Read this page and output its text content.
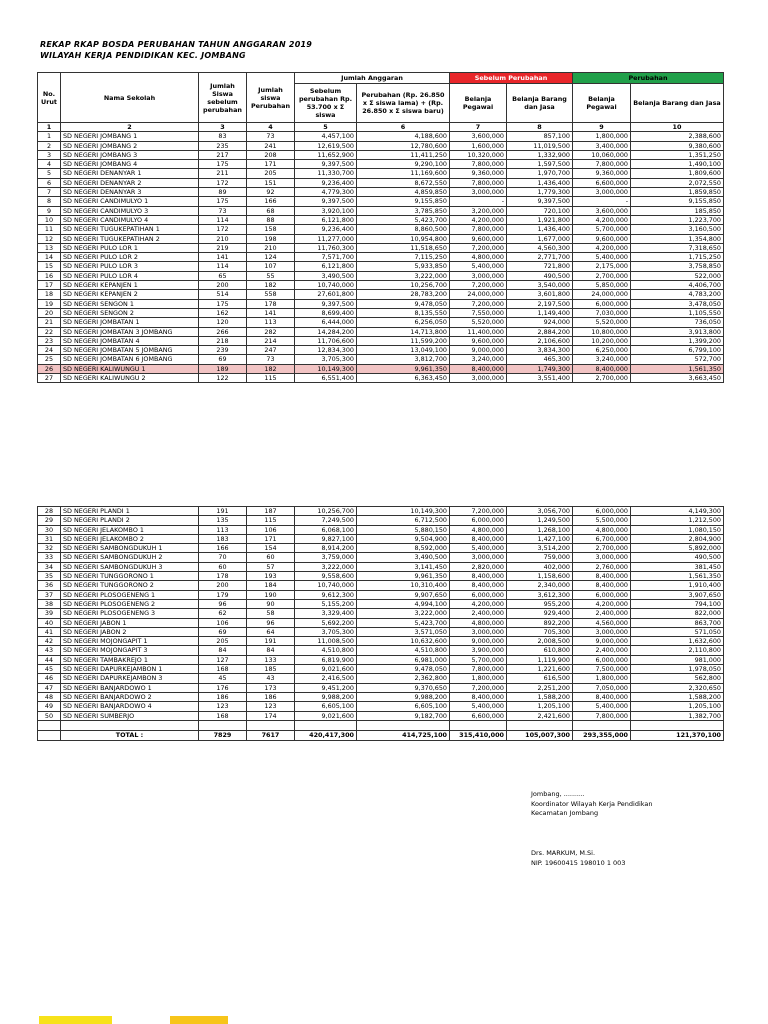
REKAP RKAP BOSDA PERUBAHAN TAHUN ANGGARAN 2019
WILAYAH KERJA PENDIDIKAN KEC. JOMBANG
No. Urut	Nama Sekolah	Jumlah Siswa sebelum perubahan	Jumlah siswa Perubahan	Jumlah Anggaran		Sebelum Perubahan		Perubahan	
				Sebelum perubahan Rp. 53.700 x Σ siswa	Perubahan (Rp. 26.850 x Σ siswa lama) + (Rp. 26.850 x Σ siswa baru)	Belanja Pegawai	Belanja Barang dan Jasa	Belanja Pegawai	Belanja Barang dan Jasa
1	2	3	4	5	6	7	8	9	10
1	SD NEGERI JOMBANG 1	83	73	4,457,100	4,188,600	3,600,000	857,100	1,800,000	2,388,600
2	SD NEGERI JOMBANG 2	235	241	12,619,500	12,780,600	1,600,000	11,019,500	3,400,000	9,380,600
3	SD NEGERI JOMBANG 3	217	208	11,652,900	11,411,250	10,320,000	1,332,900	10,060,000	1,351,250
4	SD NEGERI JOMBANG 4	175	171	9,397,500	9,290,100	7,800,000	1,597,500	7,800,000	1,490,100
5	SD NEGERI DENANYAR 1	211	205	11,330,700	11,169,600	9,360,000	1,970,700	9,360,000	1,809,600
6	SD NEGERI DENANYAR 2	172	151	9,236,400	8,672,550	7,800,000	1,436,400	6,600,000	2,072,550
7	SD NEGERI DENANYAR 3	89	92	4,779,300	4,859,850	3,000,000	1,779,300	3,000,000	1,859,850
8	SD NEGERI CANDIMULYO 1	175	166	9,397,500	9,155,850	-	9,397,500	-	9,155,850
9	SD NEGERI CANDIMULYO 3	73	68	3,920,100	3,785,850	3,200,000	720,100	3,600,000	185,850
10	SD NEGERI CANDIMULYO 4	114	88	6,121,800	5,423,700	4,200,000	1,921,800	4,200,000	1,223,700
11	SD NEGERI TUGUKEPATIHAN 1	172	158	9,236,400	8,860,500	7,800,000	1,436,400	5,700,000	3,160,500
12	SD NEGERI TUGUKEPATIHAN 2	210	198	11,277,000	10,954,800	9,600,000	1,677,000	9,600,000	1,354,800
13	SD NEGERI PULO LOR 1	219	210	11,760,300	11,518,650	7,200,000	4,560,300	4,200,000	7,318,650
14	SD NEGERI PULO LOR 2	141	124	7,571,700	7,115,250	4,800,000	2,771,700	5,400,000	1,715,250
15	SD NEGERI PULO LOR 3	114	107	6,121,800	5,933,850	5,400,000	721,800	2,175,000	3,758,850
16	SD NEGERI PULO LOR 4	65	55	3,490,500	3,222,000	3,000,000	490,500	2,700,000	522,000
17	SD NEGERI KEPANJEN 1	200	182	10,740,000	10,256,700	7,200,000	3,540,000	5,850,000	4,406,700
18	SD NEGERI KEPANJEN 2	514	558	27,601,800	28,783,200	24,000,000	3,601,800	24,000,000	4,783,200
19	SD NEGERI SENGON 1	175	178	9,397,500	9,478,050	7,200,000	2,197,500	6,000,000	3,478,050
20	SD NEGERI SENGON 2	162	141	8,699,400	8,135,550	7,550,000	1,149,400	7,030,000	1,105,550
21	SD NEGERI JOMBATAN 1	120	113	6,444,000	6,256,050	5,520,000	924,000	5,520,000	736,050
22	SD NEGERI JOMBATAN 3 JOMBANG	266	282	14,284,200	14,713,800	11,400,000	2,884,200	10,800,000	3,913,800
23	SD NEGERI JOMBATAN 4	218	214	11,706,600	11,599,200	9,600,000	2,106,600	10,200,000	1,399,200
24	SD NEGERI JOMBATAN 5 JOMBANG	239	247	12,834,300	13,049,100	9,000,000	3,834,300	6,250,000	6,799,100
25	SD NEGERI JOMBATAN 6 JOMBANG	69	73	3,705,300	3,812,700	3,240,000	465,300	3,240,000	572,700
26	SD NEGERI KALIWUNGU 1	189	182	10,149,300	9,961,350	8,400,000	1,749,300	8,400,000	1,561,350
27	SD NEGERI KALIWUNGU 2	122	115	6,551,400	6,363,450	3,000,000	3,551,400	2,700,000	3,663,450
28	SD NEGERI PLANDI 1	191	187	10,256,700	10,149,300	7,200,000	3,056,700	6,000,000	4,149,300
29	SD NEGERI PLANDI 2	135	115	7,249,500	6,712,500	6,000,000	1,249,500	5,500,000	1,212,500
30	SD NEGERI JELAKOMBO 1	113	106	6,068,100	5,880,150	4,800,000	1,268,100	4,800,000	1,080,150
31	SD NEGERI JELAKOMBO 2	183	171	9,827,100	9,504,900	8,400,000	1,427,100	6,700,000	2,804,900
32	SD NEGERI SAMBONGDUKUH 1	166	154	8,914,200	8,592,000	5,400,000	3,514,200	2,700,000	5,892,000
33	SD NEGERI SAMBONGDUKUH 2	70	60	3,759,000	3,490,500	3,000,000	759,000	3,000,000	490,500
34	SD NEGERI SAMBONGDUKUH 3	60	57	3,222,000	3,141,450	2,820,000	402,000	2,760,000	381,450
35	SD NEGERI TUNGGORONO 1	178	193	9,558,600	9,961,350	8,400,000	1,158,600	8,400,000	1,561,350
36	SD NEGERI TUNGGORONO 2	200	184	10,740,000	10,310,400	8,400,000	2,340,000	8,400,000	1,910,400
37	SD NEGERI PLOSOGENENG 1	179	190	9,612,300	9,907,650	6,000,000	3,612,300	6,000,000	3,907,650
38	SD NEGERI PLOSOGENENG 2	96	90	5,155,200	4,994,100	4,200,000	955,200	4,200,000	794,100
39	SD NEGERI PLOSOGENENG 3	62	58	3,329,400	3,222,000	2,400,000	929,400	2,400,000	822,000
40	SD NEGERI JABON 1	106	96	5,692,200	5,423,700	4,800,000	892,200	4,560,000	863,700
41	SD NEGERI JABON 2	69	64	3,705,300	3,571,050	3,000,000	705,300	3,000,000	571,050
42	SD NEGERI MOJONGAPIT 1	205	191	11,008,500	10,632,600	9,000,000	2,008,500	9,000,000	1,632,600
43	SD NEGERI MOJONGAPIT 3	84	84	4,510,800	4,510,800	3,900,000	610,800	2,400,000	2,110,800
44	SD NEGERI TAMBAKREJO 1	127	133	6,819,900	6,981,000	5,700,000	1,119,900	6,000,000	981,000
45	SD NEGERI DAPURKEJAMBON 1	168	185	9,021,600	9,478,050	7,800,000	1,221,600	7,500,000	1,978,050
46	SD NEGERI DAPURKEJAMBON 3	45	43	2,416,500	2,362,800	1,800,000	616,500	1,800,000	562,800
47	SD NEGERI BANJARDOWO 1	176	173	9,451,200	9,370,650	7,200,000	2,251,200	7,050,000	2,320,650
48	SD NEGERI BANJARDOWO 2	186	186	9,988,200	9,988,200	8,400,000	1,588,200	8,400,000	1,588,200
49	SD NEGERI BANJARDOWO 4	123	123	6,605,100	6,605,100	5,400,000	1,205,100	5,400,000	1,205,100
50	SD NEGERI SUMBERJO	168	174	9,021,600	9,182,700	6,600,000	2,421,600	7,800,000	1,382,700

	TOTAL :	7829	7617	420,417,300	414,725,100	315,410,000	105,007,300	293,355,000	121,370,100
Jombang, ..........
Koordinator Wilayah Kerja Pendidikan
Kecamatan Jombang
Drs. MARKUM, M.Si.
NIP. 19600415 198010 1 003
